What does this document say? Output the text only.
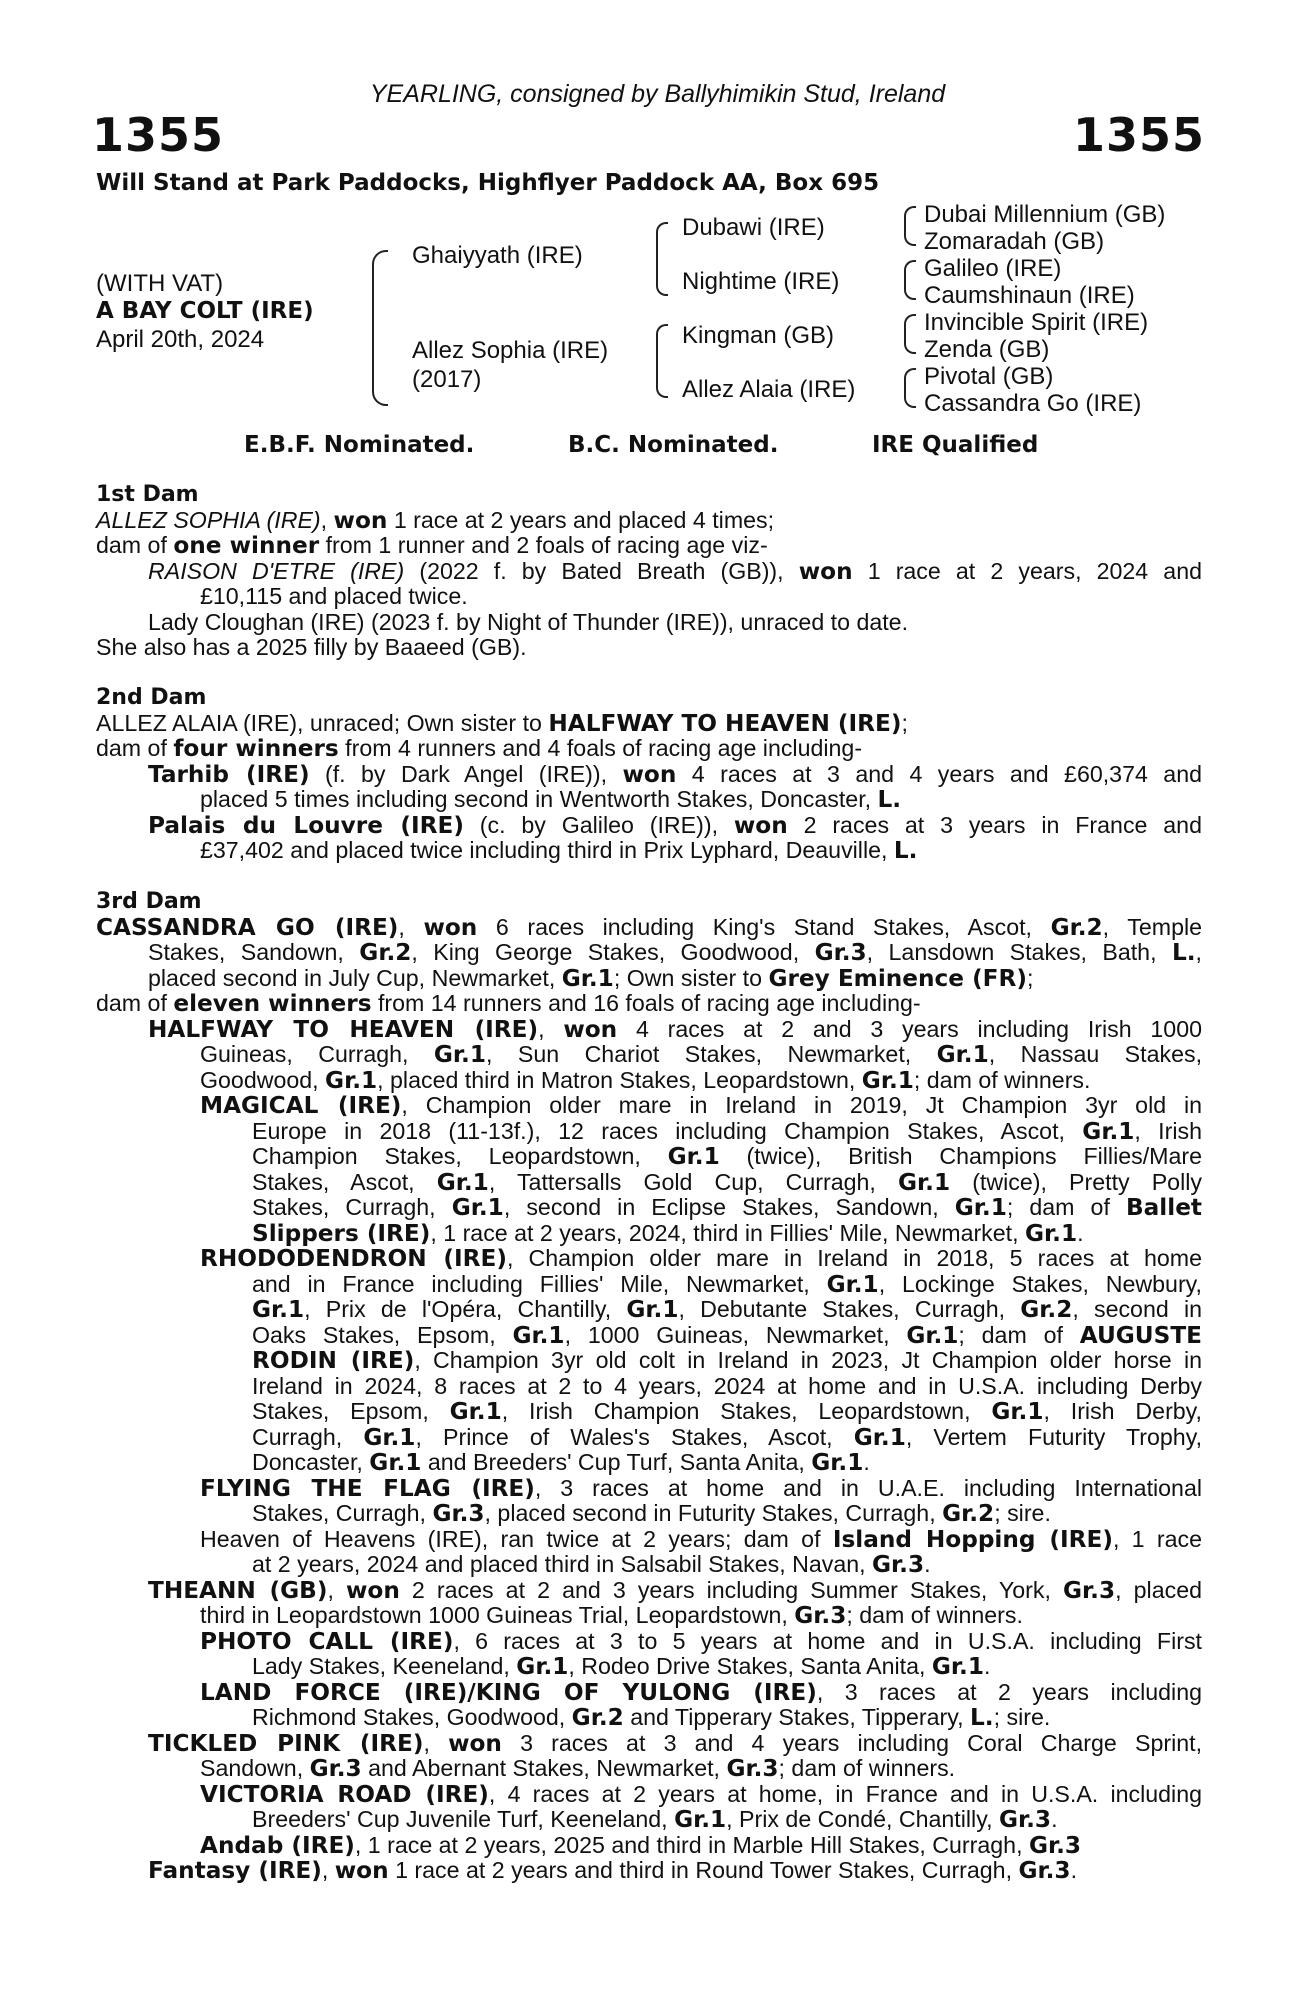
YEARLING, consigned by Ballyhimikin Stud, Ireland
1355	1355
Will Stand at Park Paddocks, Highflyer Paddock AA, Box 695
(WITH VAT)
A BAY COLT (IRE)
April 20th, 2024
Ghaiyyath (IRE)
Allez Sophia (IRE)
(2017)
Dubawi (IRE)
Nightime (IRE)
Kingman (GB)
Allez Alaia (IRE)
Dubai Millennium (GB)
Zomaradah (GB)
Galileo (IRE)
Caumshinaun (IRE)
Invincible Spirit (IRE)
Zenda (GB)
Pivotal (GB)
Cassandra Go (IRE)
E.B.F. Nominated.	B.C. Nominated.	IRE Qualified
1st Dam
ALLEZ SOPHIA (IRE), won 1 race at 2 years and placed 4 times;
dam of one winner from 1 runner and 2 foals of racing age viz-
RAISON D'ETRE (IRE) (2022 f. by Bated Breath (GB)), won 1 race at 2 years, 2024 and
£10,115 and placed twice.
Lady Cloughan (IRE) (2023 f. by Night of Thunder (IRE)), unraced to date.
She also has a 2025 filly by Baaeed (GB).
2nd Dam
ALLEZ ALAIA (IRE), unraced; Own sister to HALFWAY TO HEAVEN (IRE);
dam of four winners from 4 runners and 4 foals of racing age including-
Tarhib (IRE) (f. by Dark Angel (IRE)), won 4 races at 3 and 4 years and £60,374 and
placed 5 times including second in Wentworth Stakes, Doncaster, L.
Palais du Louvre (IRE) (c. by Galileo (IRE)), won 2 races at 3 years in France and
£37,402 and placed twice including third in Prix Lyphard, Deauville, L.
3rd Dam
CASSANDRA GO (IRE), won 6 races including King's Stand Stakes, Ascot, Gr.2, Temple
Stakes, Sandown, Gr.2, King George Stakes, Goodwood, Gr.3, Lansdown Stakes, Bath, L.,
placed second in July Cup, Newmarket, Gr.1; Own sister to Grey Eminence (FR);
dam of eleven winners from 14 runners and 16 foals of racing age including-
HALFWAY TO HEAVEN (IRE), won 4 races at 2 and 3 years including Irish 1000
Guineas, Curragh, Gr.1, Sun Chariot Stakes, Newmarket, Gr.1, Nassau Stakes,
Goodwood, Gr.1, placed third in Matron Stakes, Leopardstown, Gr.1; dam of winners.
MAGICAL (IRE), Champion older mare in Ireland in 2019, Jt Champion 3yr old in
Europe in 2018 (11-13f.), 12 races including Champion Stakes, Ascot, Gr.1, Irish
Champion Stakes, Leopardstown, Gr.1 (twice), British Champions Fillies/Mare
Stakes, Ascot, Gr.1, Tattersalls Gold Cup, Curragh, Gr.1 (twice), Pretty Polly
Stakes, Curragh, Gr.1, second in Eclipse Stakes, Sandown, Gr.1; dam of Ballet
Slippers (IRE), 1 race at 2 years, 2024, third in Fillies' Mile, Newmarket, Gr.1.
RHODODENDRON (IRE), Champion older mare in Ireland in 2018, 5 races at home
and in France including Fillies' Mile, Newmarket, Gr.1, Lockinge Stakes, Newbury,
Gr.1, Prix de l'Opéra, Chantilly, Gr.1, Debutante Stakes, Curragh, Gr.2, second in
Oaks Stakes, Epsom, Gr.1, 1000 Guineas, Newmarket, Gr.1; dam of AUGUSTE
RODIN (IRE), Champion 3yr old colt in Ireland in 2023, Jt Champion older horse in
Ireland in 2024, 8 races at 2 to 4 years, 2024 at home and in U.S.A. including Derby
Stakes, Epsom, Gr.1, Irish Champion Stakes, Leopardstown, Gr.1, Irish Derby,
Curragh, Gr.1, Prince of Wales's Stakes, Ascot, Gr.1, Vertem Futurity Trophy,
Doncaster, Gr.1 and Breeders' Cup Turf, Santa Anita, Gr.1.
FLYING THE FLAG (IRE), 3 races at home and in U.A.E. including International
Stakes, Curragh, Gr.3, placed second in Futurity Stakes, Curragh, Gr.2; sire.
Heaven of Heavens (IRE), ran twice at 2 years; dam of Island Hopping (IRE), 1 race
at 2 years, 2024 and placed third in Salsabil Stakes, Navan, Gr.3.
THEANN (GB), won 2 races at 2 and 3 years including Summer Stakes, York, Gr.3, placed
third in Leopardstown 1000 Guineas Trial, Leopardstown, Gr.3; dam of winners.
PHOTO CALL (IRE), 6 races at 3 to 5 years at home and in U.S.A. including First
Lady Stakes, Keeneland, Gr.1, Rodeo Drive Stakes, Santa Anita, Gr.1.
LAND FORCE (IRE)/KING OF YULONG (IRE), 3 races at 2 years including
Richmond Stakes, Goodwood, Gr.2 and Tipperary Stakes, Tipperary, L.; sire.
TICKLED PINK (IRE), won 3 races at 3 and 4 years including Coral Charge Sprint,
Sandown, Gr.3 and Abernant Stakes, Newmarket, Gr.3; dam of winners.
VICTORIA ROAD (IRE), 4 races at 2 years at home, in France and in U.S.A. including
Breeders' Cup Juvenile Turf, Keeneland, Gr.1, Prix de Condé, Chantilly, Gr.3.
Andab (IRE), 1 race at 2 years, 2025 and third in Marble Hill Stakes, Curragh, Gr.3
Fantasy (IRE), won 1 race at 2 years and third in Round Tower Stakes, Curragh, Gr.3.
